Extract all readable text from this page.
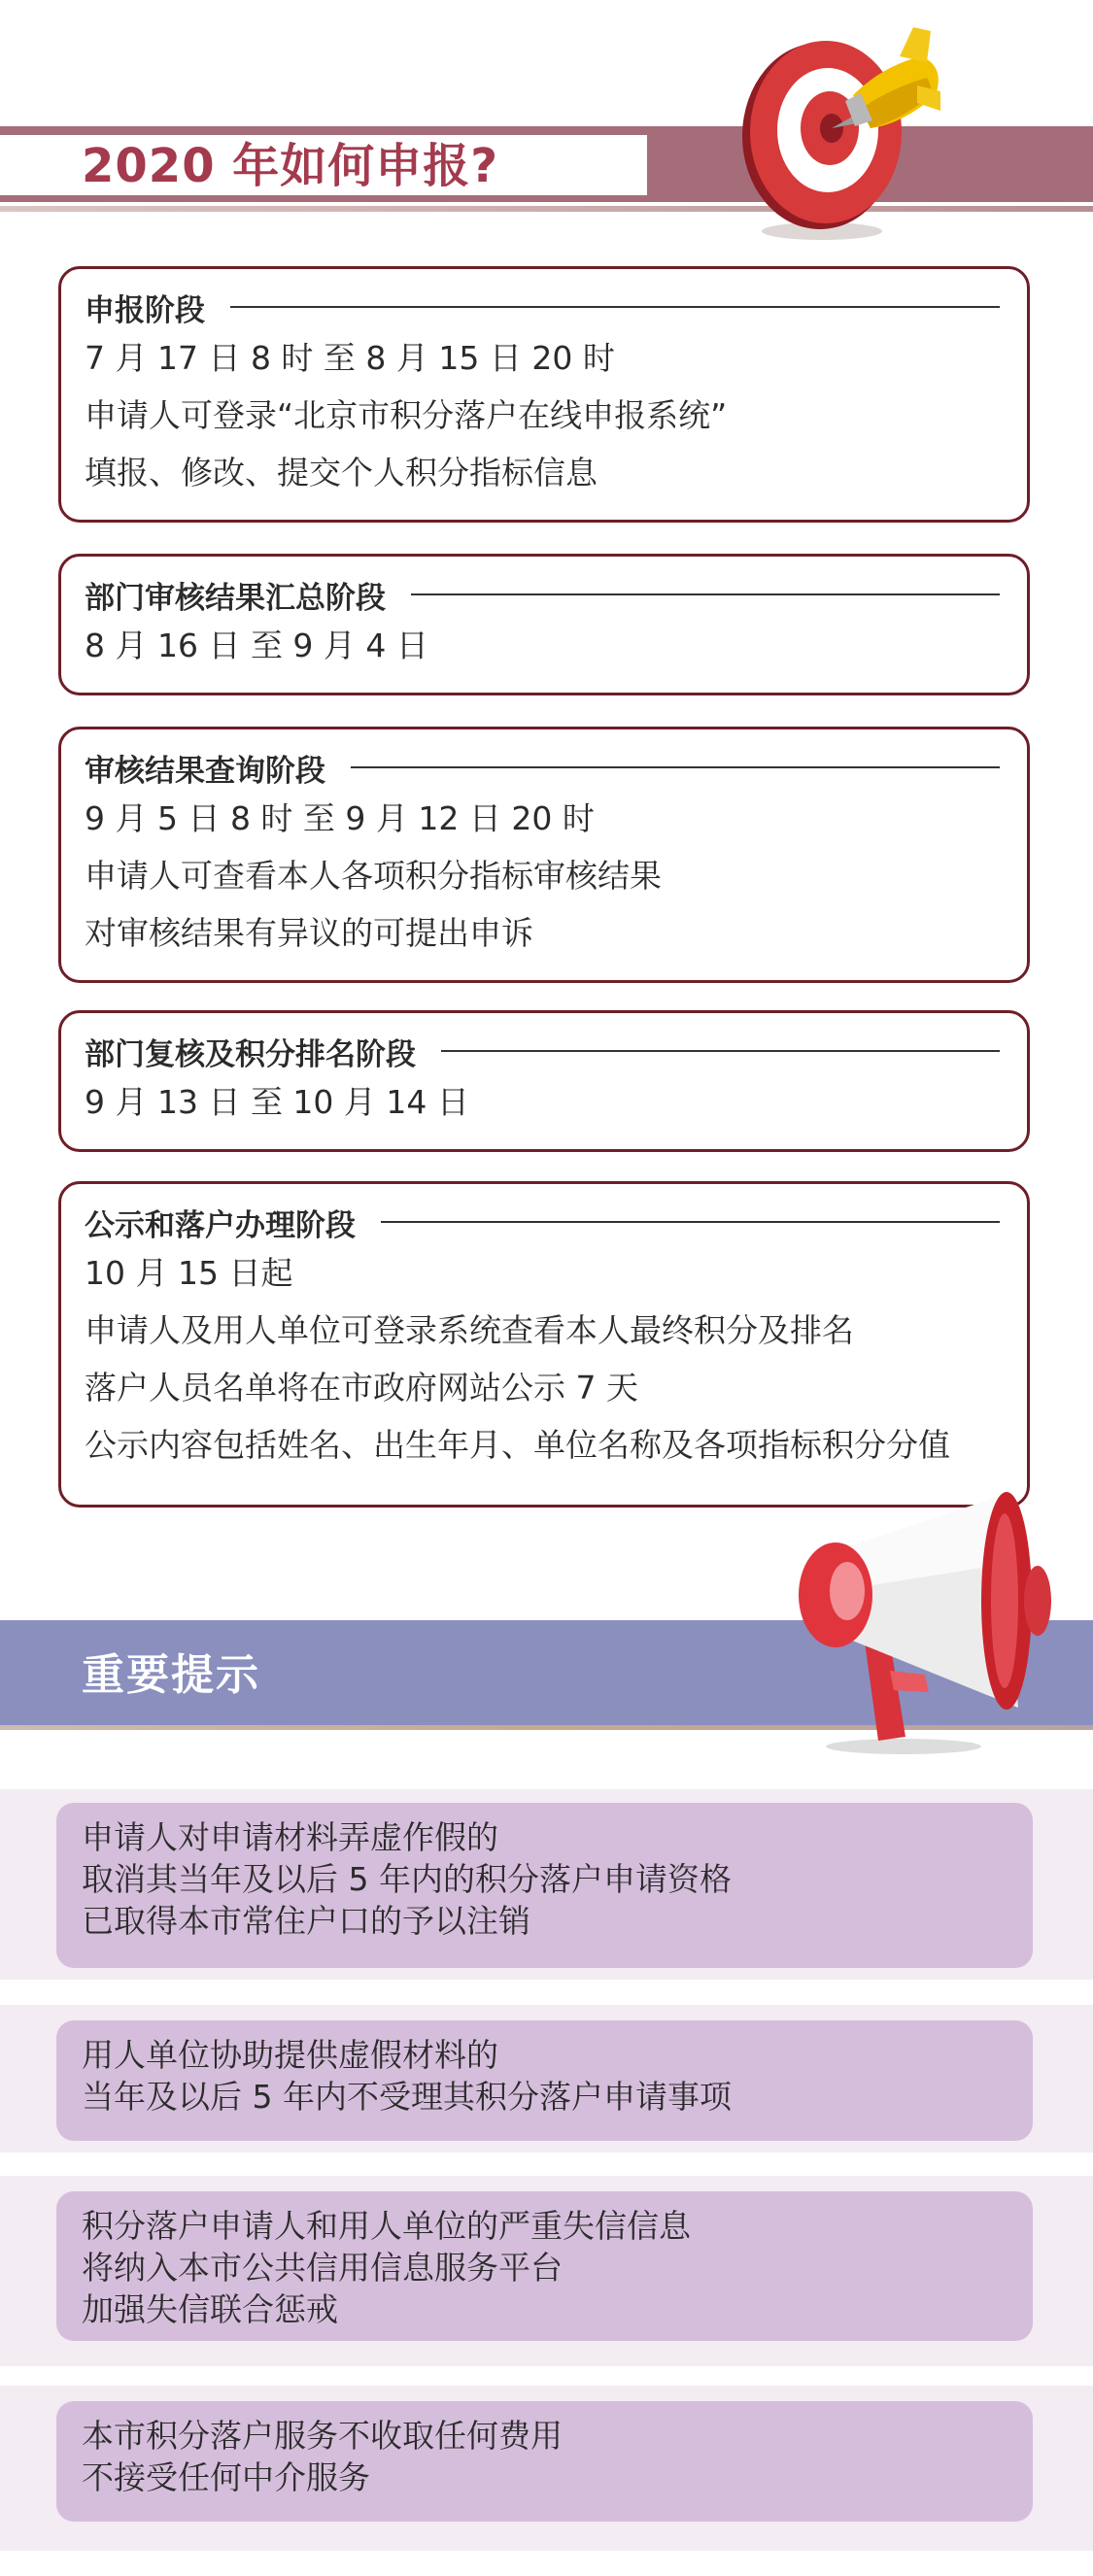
2020 年如何申报?
申报阶段
7 月 17 日 8 时 至 8 月 15 日 20 时
申请人可登录“北京市积分落户在线申报系统”
填报、修改、提交个人积分指标信息
部门审核结果汇总阶段
8 月 16 日 至 9 月 4 日
审核结果查询阶段
9 月 5 日 8 时 至 9 月 12 日 20 时
申请人可查看本人各项积分指标审核结果
对审核结果有异议的可提出申诉
部门复核及积分排名阶段
9 月 13 日 至 10 月 14 日
公示和落户办理阶段
10 月 15 日起
申请人及用人单位可登录系统查看本人最终积分及排名
落户人员名单将在市政府网站公示 7 天
公示内容包括姓名、出生年月、单位名称及各项指标积分分值
重要提示
申请人对申请材料弄虚作假的
取消其当年及以后 5 年内的积分落户申请资格
已取得本市常住户口的予以注销
用人单位协助提供虚假材料的
当年及以后 5 年内不受理其积分落户申请事项
积分落户申请人和用人单位的严重失信信息
将纳入本市公共信用信息服务平台
加强失信联合惩戒
本市积分落户服务不收取任何费用
不接受任何中介服务
